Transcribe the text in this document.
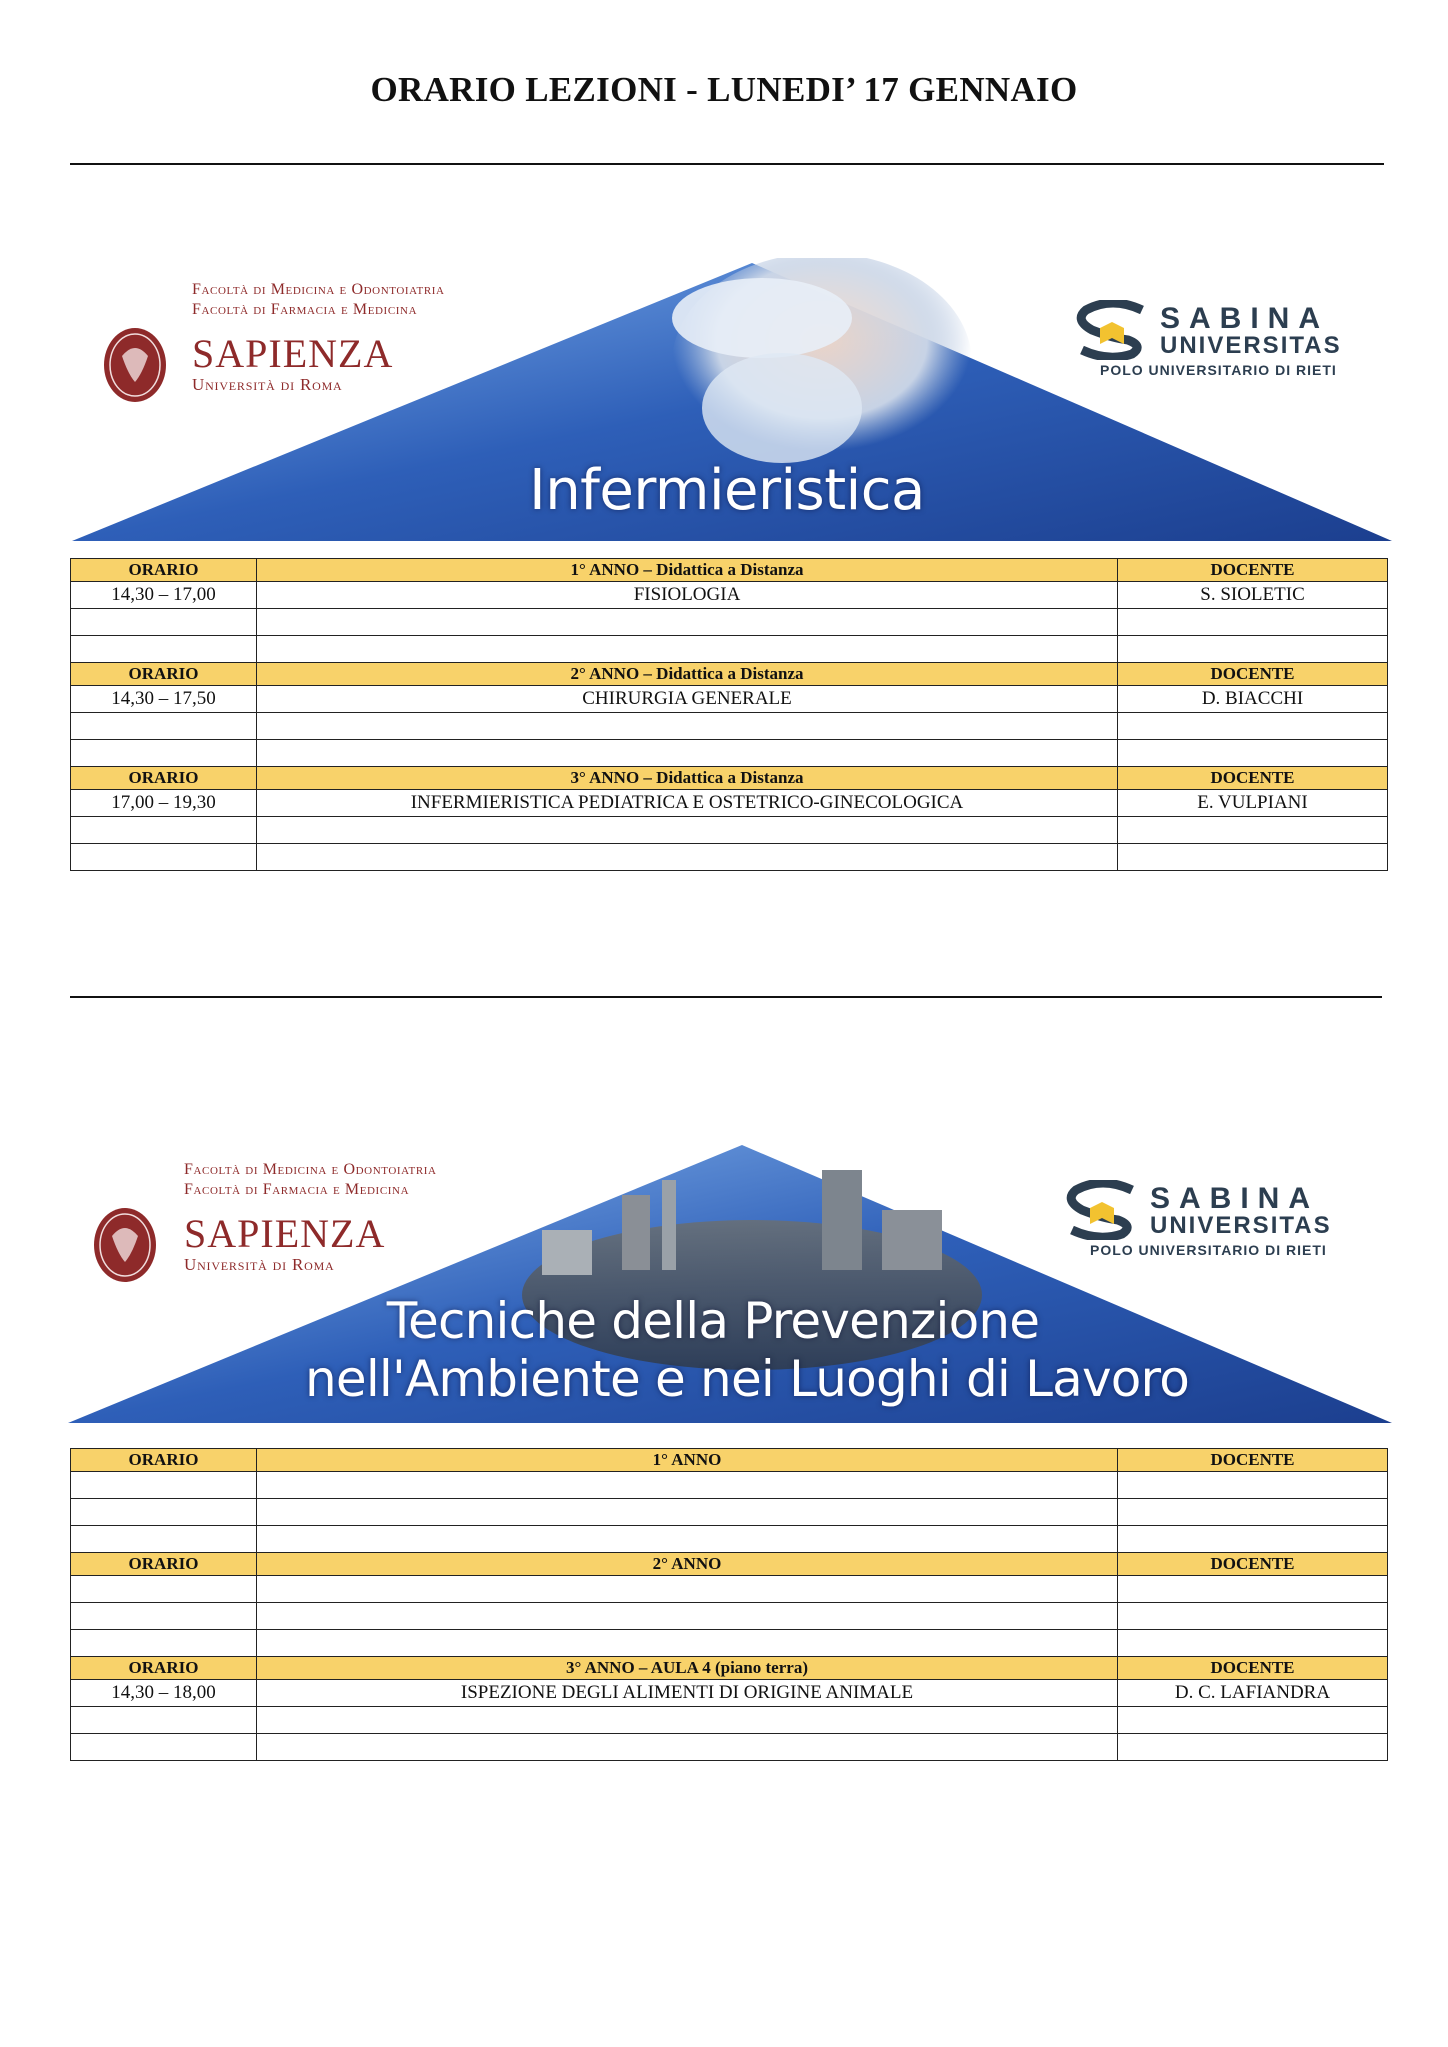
ORARIO LEZIONI - LUNEDI’ 17 GENNAIO
Facoltà di Medicina e Odontoiatria
Facoltà di Farmacia e Medicina
SAPIENZA
Università di Roma
SABINA
UNIVERSITAS
POLO UNIVERSITARIO DI RIETI
Infermieristica
ORARIO	1° ANNO – Didattica a Distanza	DOCENTE
14,30 – 17,00	FISIOLOGIA	S. SIOLETIC

ORARIO	2° ANNO – Didattica a Distanza	DOCENTE
14,30 – 17,50	CHIRURGIA GENERALE	D. BIACCHI

ORARIO	3° ANNO – Didattica a Distanza	DOCENTE
17,00 – 19,30	INFERMIERISTICA PEDIATRICA E OSTETRICO-GINECOLOGICA	E. VULPIANI

Facoltà di Medicina e Odontoiatria
Facoltà di Farmacia e Medicina
SAPIENZA
Università di Roma
SABINA
UNIVERSITAS
POLO UNIVERSITARIO DI RIETI
Tecniche della Prevenzione
nell'Ambiente e nei Luoghi di Lavoro
ORARIO	1° ANNO	DOCENTE

ORARIO	2° ANNO	DOCENTE

ORARIO	3° ANNO – AULA 4 (piano terra)	DOCENTE
14,30 – 18,00	ISPEZIONE DEGLI ALIMENTI DI ORIGINE ANIMALE	D. C. LAFIANDRA
